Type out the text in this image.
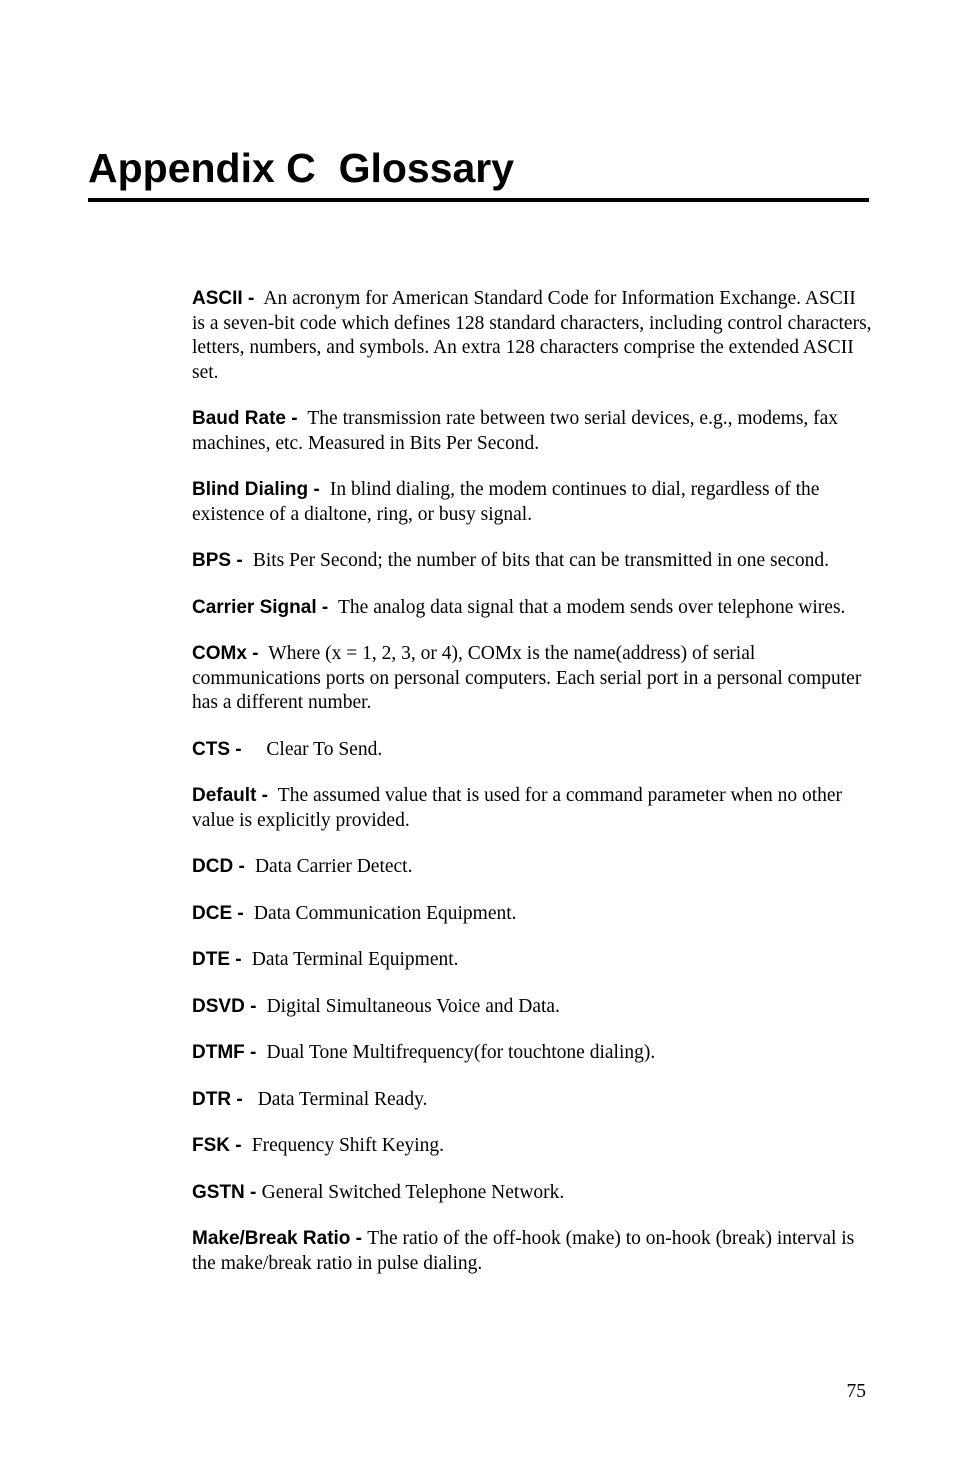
Appendix C  Glossary
ASCII -  An acronym for American Standard Code for Information Exchange. ASCII is a seven-bit code which defines 128 standard characters, including control characters, letters, numbers, and symbols. An extra 128 characters comprise the extended ASCII set.
Baud Rate -  The transmission rate between two serial devices, e.g., modems, fax machines, etc. Measured in Bits Per Second.
Blind Dialing -  In blind dialing, the modem continues to dial, regardless of the existence of a dialtone, ring, or busy signal.
BPS -  Bits Per Second; the number of bits that can be transmitted in one second.
Carrier Signal -  The analog data signal that a modem sends over telephone wires.
COMx -  Where (x = 1, 2, 3, or 4), COMx is the name(address) of serial communications ports on personal computers. Each serial port in a personal computer has a different number.
CTS -     Clear To Send.
Default -  The assumed value that is used for a command parameter when no other value is explicitly provided.
DCD -  Data Carrier Detect.
DCE -  Data Communication Equipment.
DTE -  Data Terminal Equipment.
DSVD -  Digital Simultaneous Voice and Data.
DTMF -  Dual Tone Multifrequency(for touchtone dialing).
DTR -   Data Terminal Ready.
FSK -  Frequency Shift Keying.
GSTN - General Switched Telephone Network.
Make/Break Ratio - The ratio of the off-hook (make) to on-hook (break) interval is the make/break ratio in pulse dialing.
75
